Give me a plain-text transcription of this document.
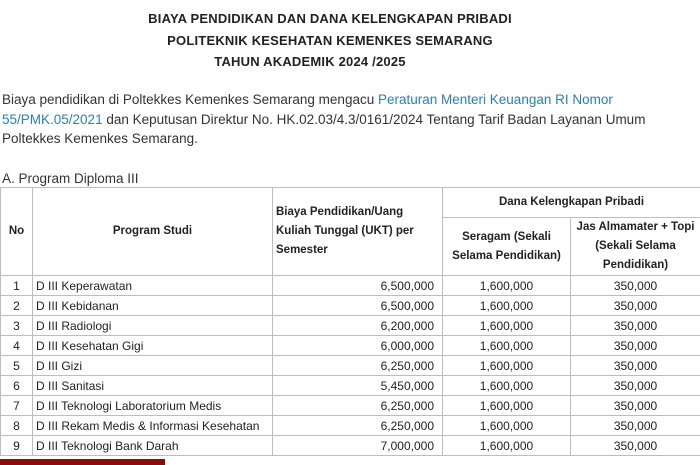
BIAYA PENDIDIKAN DAN DANA KELENGKAPAN PRIBADI
POLITEKNIK KESEHATAN KEMENKES SEMARANG
TAHUN AKADEMIK 2024 /2025
Biaya pendidikan di Poltekkes Kemenkes Semarang mengacu Peraturan Menteri Keuangan RI Nomor 55/PMK.05/2021 dan Keputusan Direktur No. HK.02.03/4.3/0161/2024 Tentang Tarif Badan Layanan Umum Poltekkes Kemenkes Semarang.
A. Program Diploma III
No	Program Studi	Biaya Pendidikan/Uang Kuliah Tunggal (UKT) per Semester	Dana Kelengkapan Pribadi	
			Seragam (Sekali Selama Pendidikan)	Jas Almamater + Topi (Sekali Selama Pendidikan)
1	D III Keperawatan	6,500,000	1,600,000	350,000
2	D III Kebidanan	6,500,000	1,600,000	350,000
3	D III Radiologi	6,200,000	1,600,000	350,000
4	D III Kesehatan Gigi	6,000,000	1,600,000	350,000
5	D III Gizi	6,250,000	1,600,000	350,000
6	D III Sanitasi	5,450,000	1,600,000	350,000
7	D III Teknologi Laboratorium Medis	6,250,000	1,600,000	350,000
8	D III Rekam Medis & Informasi Kesehatan	6,250,000	1,600,000	350,000
9	D III Teknologi Bank Darah	7,000,000	1,600,000	350,000
